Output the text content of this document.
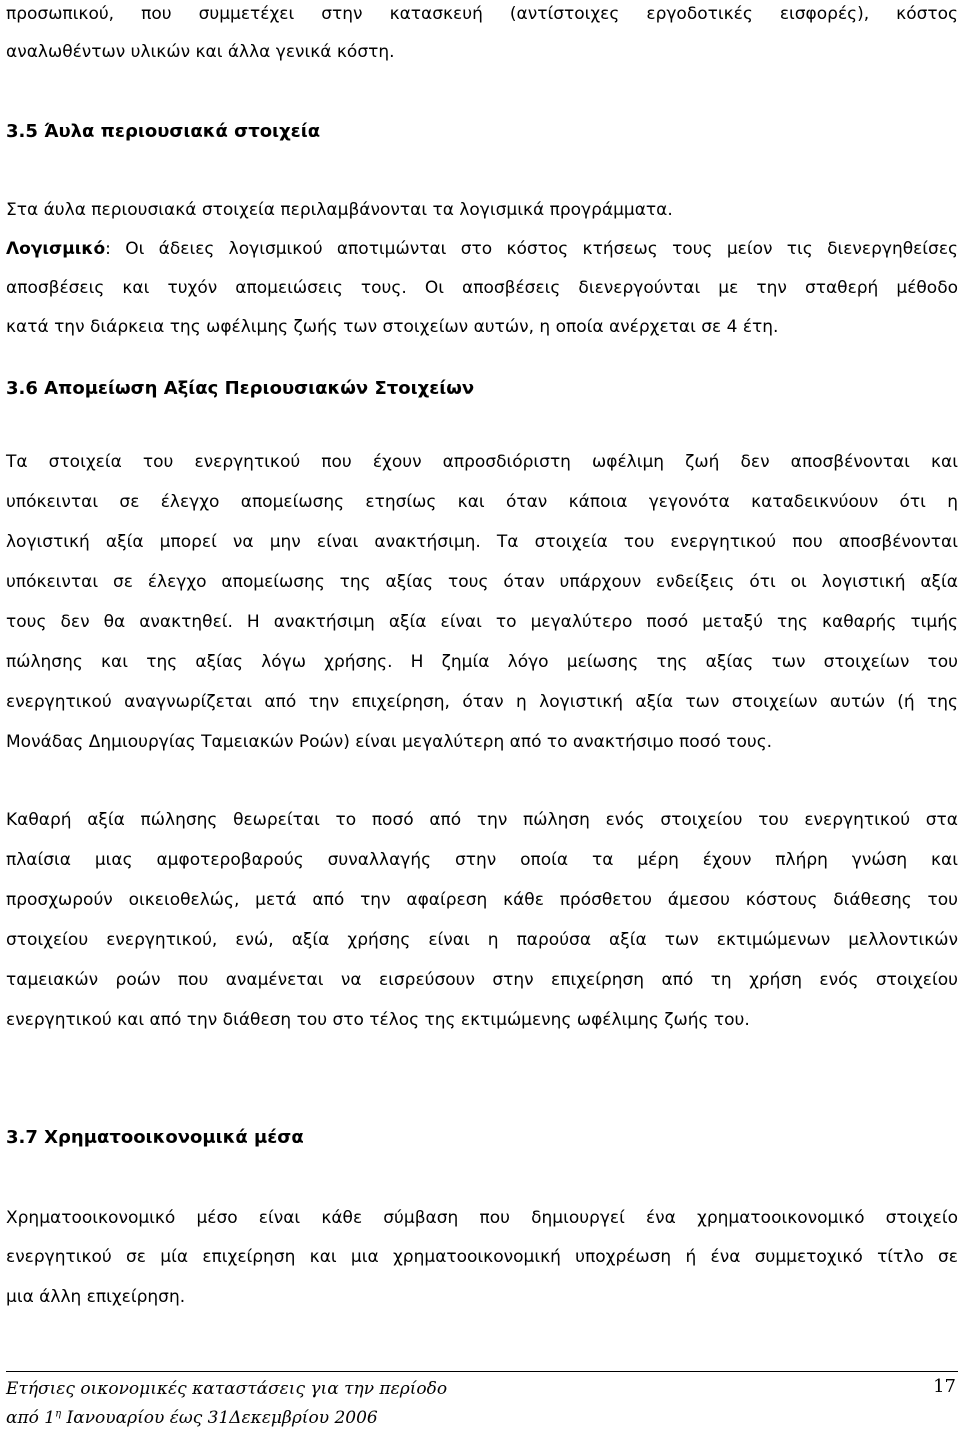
προσωπικού, που συμμετέχει στην κατασκευή (αντίστοιχες εργοδοτικές εισφορές), κόστος
αναλωθέντων υλικών και άλλα γενικά κόστη.
3.5 Άυλα περιουσιακά στοιχεία
Στα άυλα περιουσιακά στοιχεία περιλαμβάνονται τα λογισμικά προγράμματα.
Λογισμικό: Οι άδειες λογισμικού αποτιμώνται στο κόστος κτήσεως τους μείον τις διενεργηθείσες
αποσβέσεις και τυχόν απομειώσεις τους. Οι αποσβέσεις διενεργούνται με την σταθερή μέθοδο
κατά την διάρκεια της ωφέλιμης ζωής των στοιχείων αυτών, η οποία ανέρχεται σε 4 έτη.
3.6 Απομείωση Αξίας Περιουσιακών Στοιχείων
Τα στοιχεία του ενεργητικού που έχουν απροσδιόριστη ωφέλιμη ζωή δεν αποσβένονται και
υπόκεινται σε έλεγχο απομείωσης ετησίως και όταν κάποια γεγονότα καταδεικνύουν ότι η
λογιστική αξία μπορεί να μην είναι ανακτήσιμη. Τα στοιχεία του ενεργητικού που αποσβένονται
υπόκεινται σε έλεγχο απομείωσης της αξίας τους όταν υπάρχουν ενδείξεις ότι οι λογιστική αξία
τους δεν θα ανακτηθεί. Η ανακτήσιμη αξία είναι το μεγαλύτερο ποσό μεταξύ της καθαρής τιμής
πώλησης και της αξίας λόγω χρήσης. Η ζημία λόγο μείωσης της αξίας των στοιχείων του
ενεργητικού αναγνωρίζεται από την επιχείρηση, όταν η λογιστική αξία των στοιχείων αυτών (ή της
Μονάδας Δημιουργίας Ταμειακών Ροών) είναι μεγαλύτερη από το ανακτήσιμο ποσό τους.
Καθαρή αξία πώλησης θεωρείται το ποσό από την πώληση ενός στοιχείου του ενεργητικού στα
πλαίσια μιας αμφοτεροβαρούς συναλλαγής στην οποία τα μέρη έχουν πλήρη γνώση και
προσχωρούν οικειοθελώς, μετά από την αφαίρεση κάθε πρόσθετου άμεσου κόστους διάθεσης του
στοιχείου ενεργητικού, ενώ, αξία χρήσης είναι η παρούσα αξία των εκτιμώμενων μελλοντικών
ταμειακών ροών που αναμένεται να εισρεύσουν στην επιχείρηση από τη χρήση ενός στοιχείου
ενεργητικού και από την διάθεση του στο τέλος της εκτιμώμενης ωφέλιμης ζωής του.
3.7 Χρηματοοικονομικά μέσα
Χρηματοοικονομικό μέσο είναι κάθε σύμβαση που δημιουργεί ένα χρηματοοικονομικό στοιχείο
ενεργητικού σε μία επιχείρηση και μια χρηματοοικονομική υποχρέωση ή ένα συμμετοχικό τίτλο σε
μια άλλη επιχείρηση.
Ετήσιες οικονομικές καταστάσεις για την περίοδο
από $1^\eta$ Ιανουαρίου έως 31Δεκεμβρίου 2006
17
